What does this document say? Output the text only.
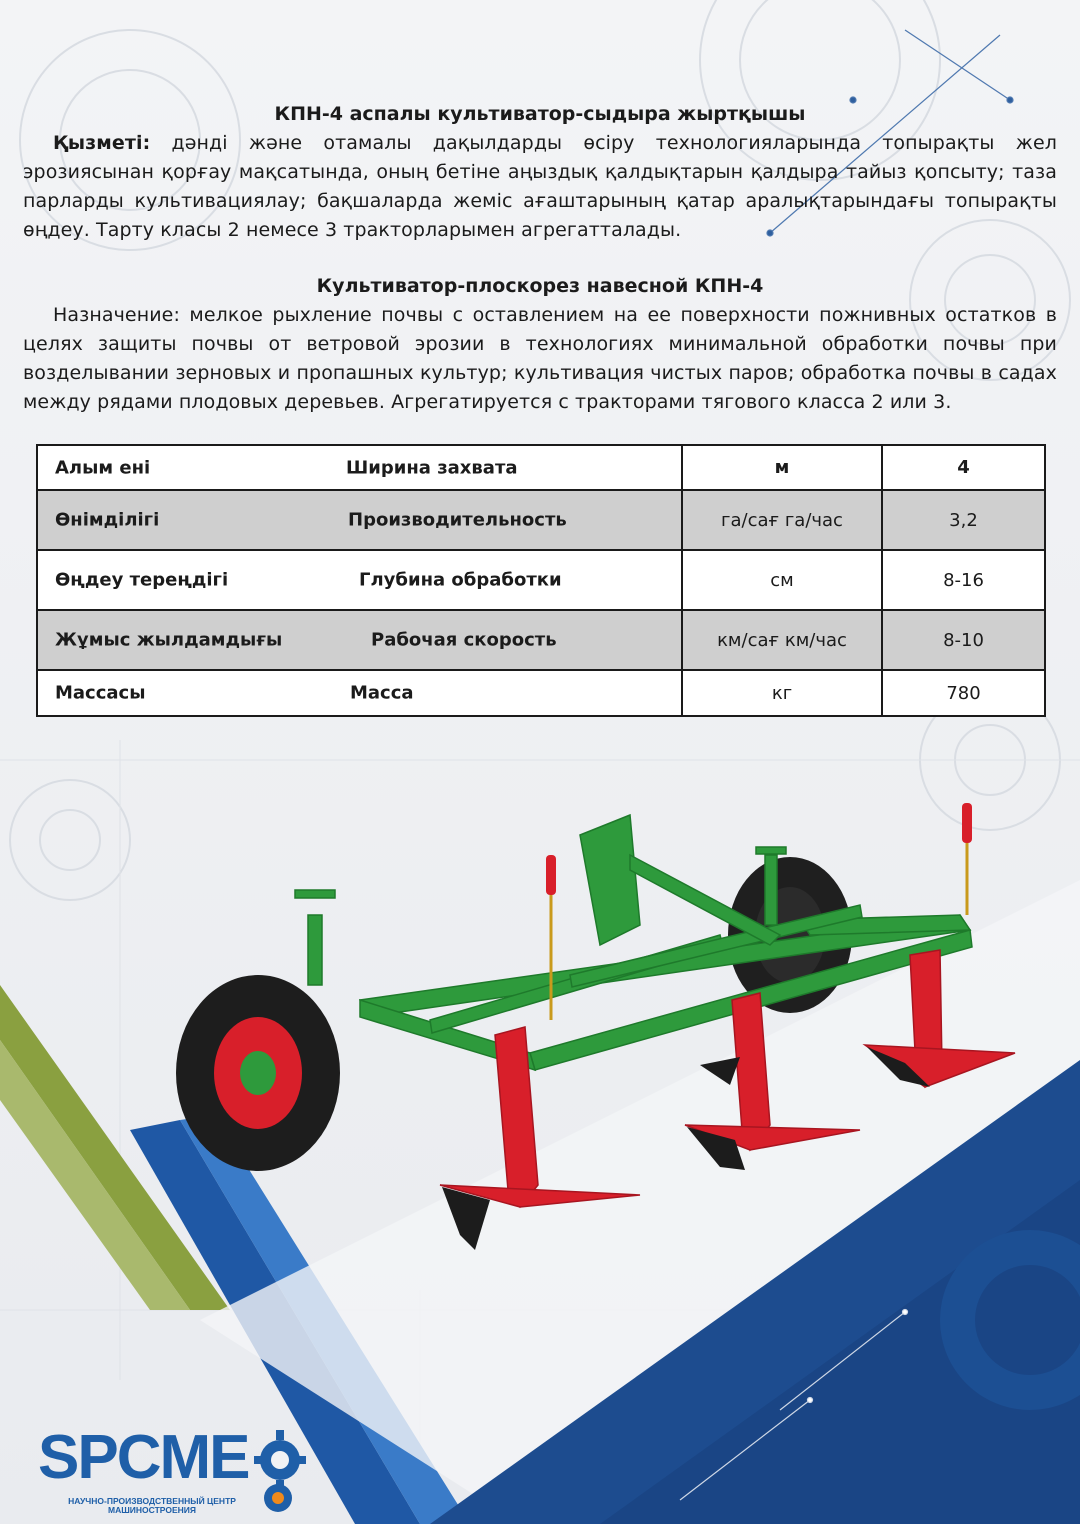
КПН-4 аспалы культиватор-сыдыра жыртқышы

Қызметі: дәнді және отамалы дақылдарды өсіру технологияларында топырақты жел эрозиясынан қорғау мақсатында, оның бетіне аңыздық қалдықтарын қалдыра тайыз қопсыту; таза парларды культивациялау; бақшаларда жеміс ағаштарының қатар аралықтарындағы топырақты өңдеу. Тарту класы 2 немесе 3 тракторларымен агрегатталады.

Культиватор-плоскорез навесной КПН-4

Назначение: мелкое рыхление почвы с оставлением на ее поверхности пожнивных остатков в целях защиты почвы от ветровой эрозии в технологиях минимальной обработки почвы при возделывании зерновых и пропашных культур; культивация чистых паров; обработка почвы в садах между рядами плодовых деревьев. Агрегатируется с тракторами тягового класса 2 или 3.

Алым ені Ширина захвата	м	4

Өнімділігі Производительность	га/сағ га/час	3,2

Өңдеу тереңдігі Глубина обработки	см	8-16

Жұмыс жылдамдығы Рабочая скорость	км/сағ км/час	8-10

Массасы Масса	кг	780
SPCME
НАУЧНО-ПРОИЗВОДСТВЕННЫЙ ЦЕНТР
МАШИНОСТРОЕНИЯ
